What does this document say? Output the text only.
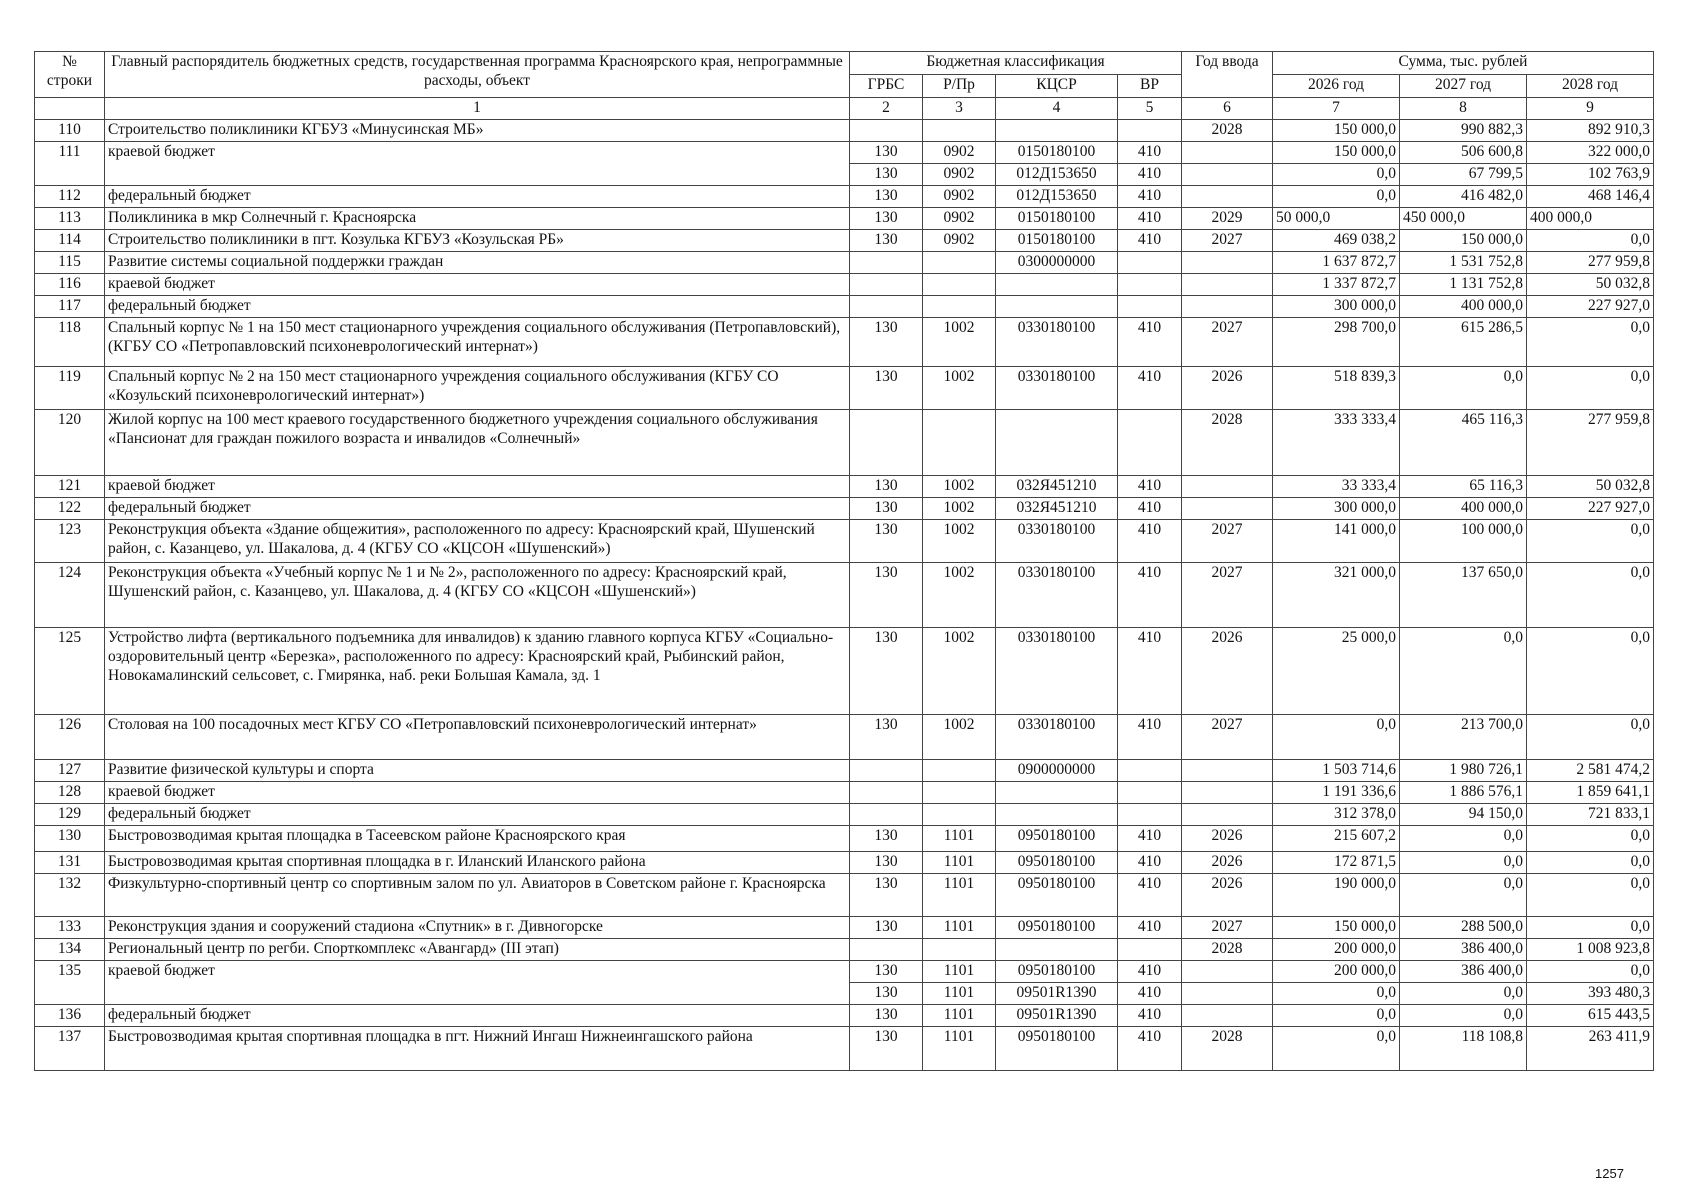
№ строки	Главный распорядитель бюджетных средств, государственная программа Красноярского края, непрограммные расходы, объект	Бюджетная классификация				Год ввода	Сумма, тыс. рублей		
		ГРБС	Р/Пр	КЦСР	ВР		2026 год	2027 год	2028 год
	1	2	3	4	5	6	7	8	9
110	Строительство поликлиники КГБУЗ «Минусинская МБ»					2028	150 000,0	990 882,3	892 910,3
111	краевой бюджет	130	0902	0150180100	410		150 000,0	506 600,8	322 000,0
		130	0902	012Д153650	410		0,0	67 799,5	102 763,9
112	федеральный бюджет	130	0902	012Д153650	410		0,0	416 482,0	468 146,4
113	Поликлиника в мкр Солнечный г. Красноярска	130	0902	0150180100	410	2029	50 000,0	450 000,0	400 000,0
114	Строительство поликлиники в пгт. Козулька КГБУЗ «Козульская РБ»	130	0902	0150180100	410	2027	469 038,2	150 000,0	0,0
115	Развитие системы социальной поддержки граждан			0300000000			1 637 872,7	1 531 752,8	277 959,8
116	краевой бюджет						1 337 872,7	1 131 752,8	50 032,8
117	федеральный бюджет						300 000,0	400 000,0	227 927,0
118	Спальный корпус № 1 на 150 мест стационарного учреждения социального обслуживания (Петропавловский), (КГБУ СО «Петропавловский психоневрологический интернат»)	130	1002	0330180100	410	2027	298 700,0	615 286,5	0,0
119	Спальный корпус № 2 на 150 мест стационарного учреждения социального обслуживания (КГБУ СО «Козульский психоневрологический интернат»)	130	1002	0330180100	410	2026	518 839,3	0,0	0,0
120	Жилой корпус на 100 мест краевого государственного бюджетного учреждения социального обслуживания «Пансионат для граждан пожилого возраста и инвалидов «Солнечный»					2028	333 333,4	465 116,3	277 959,8
121	краевой бюджет	130	1002	032Я451210	410		33 333,4	65 116,3	50 032,8
122	федеральный бюджет	130	1002	032Я451210	410		300 000,0	400 000,0	227 927,0
123	Реконструкция объекта «Здание общежития», расположенного по адресу: Красноярский край, Шушенский район, с. Казанцево, ул. Шакалова, д. 4 (КГБУ СО «КЦСОН «Шушенский»)	130	1002	0330180100	410	2027	141 000,0	100 000,0	0,0
124	Реконструкция объекта «Учебный корпус № 1 и № 2», расположенного по адресу: Красноярский край, Шушенский район, с. Казанцево, ул. Шакалова, д. 4 (КГБУ СО «КЦСОН «Шушенский»)	130	1002	0330180100	410	2027	321 000,0	137 650,0	0,0
125	Устройство лифта (вертикального подъемника для инвалидов) к зданию главного корпуса КГБУ «Социально-оздоровительный центр «Березка», расположенного по адресу: Красноярский край, Рыбинский район, Новокамалинский сельсовет, с. Гмирянка, наб. реки Большая Камала, зд. 1	130	1002	0330180100	410	2026	25 000,0	0,0	0,0
126	Столовая на 100 посадочных мест КГБУ СО «Петропавловский психоневрологический интернат»	130	1002	0330180100	410	2027	0,0	213 700,0	0,0
127	Развитие физической культуры и спорта			0900000000			1 503 714,6	1 980 726,1	2 581 474,2
128	краевой бюджет						1 191 336,6	1 886 576,1	1 859 641,1
129	федеральный бюджет						312 378,0	94 150,0	721 833,1
130	Быстровозводимая крытая площадка в Тасеевском районе Красноярского края	130	1101	0950180100	410	2026	215 607,2	0,0	0,0
131	Быстровозводимая крытая спортивная площадка в г. Иланский Иланского района	130	1101	0950180100	410	2026	172 871,5	0,0	0,0
132	Физкультурно-спортивный центр со спортивным залом по ул. Авиаторов в Советском районе г. Красноярска	130	1101	0950180100	410	2026	190 000,0	0,0	0,0
133	Реконструкция здания и сооружений стадиона «Спутник» в г. Дивногорске	130	1101	0950180100	410	2027	150 000,0	288 500,0	0,0
134	Региональный центр по регби. Спорткомплекс «Авангард» (III этап)					2028	200 000,0	386 400,0	1 008 923,8
135	краевой бюджет	130	1101	0950180100	410		200 000,0	386 400,0	0,0
		130	1101	09501R1390	410		0,0	0,0	393 480,3
136	федеральный бюджет	130	1101	09501R1390	410		0,0	0,0	615 443,5
137	Быстровозводимая крытая спортивная площадка в пгт. Нижний Ингаш Нижнеингашского района	130	1101	0950180100	410	2028	0,0	118 108,8	263 411,9
1257
